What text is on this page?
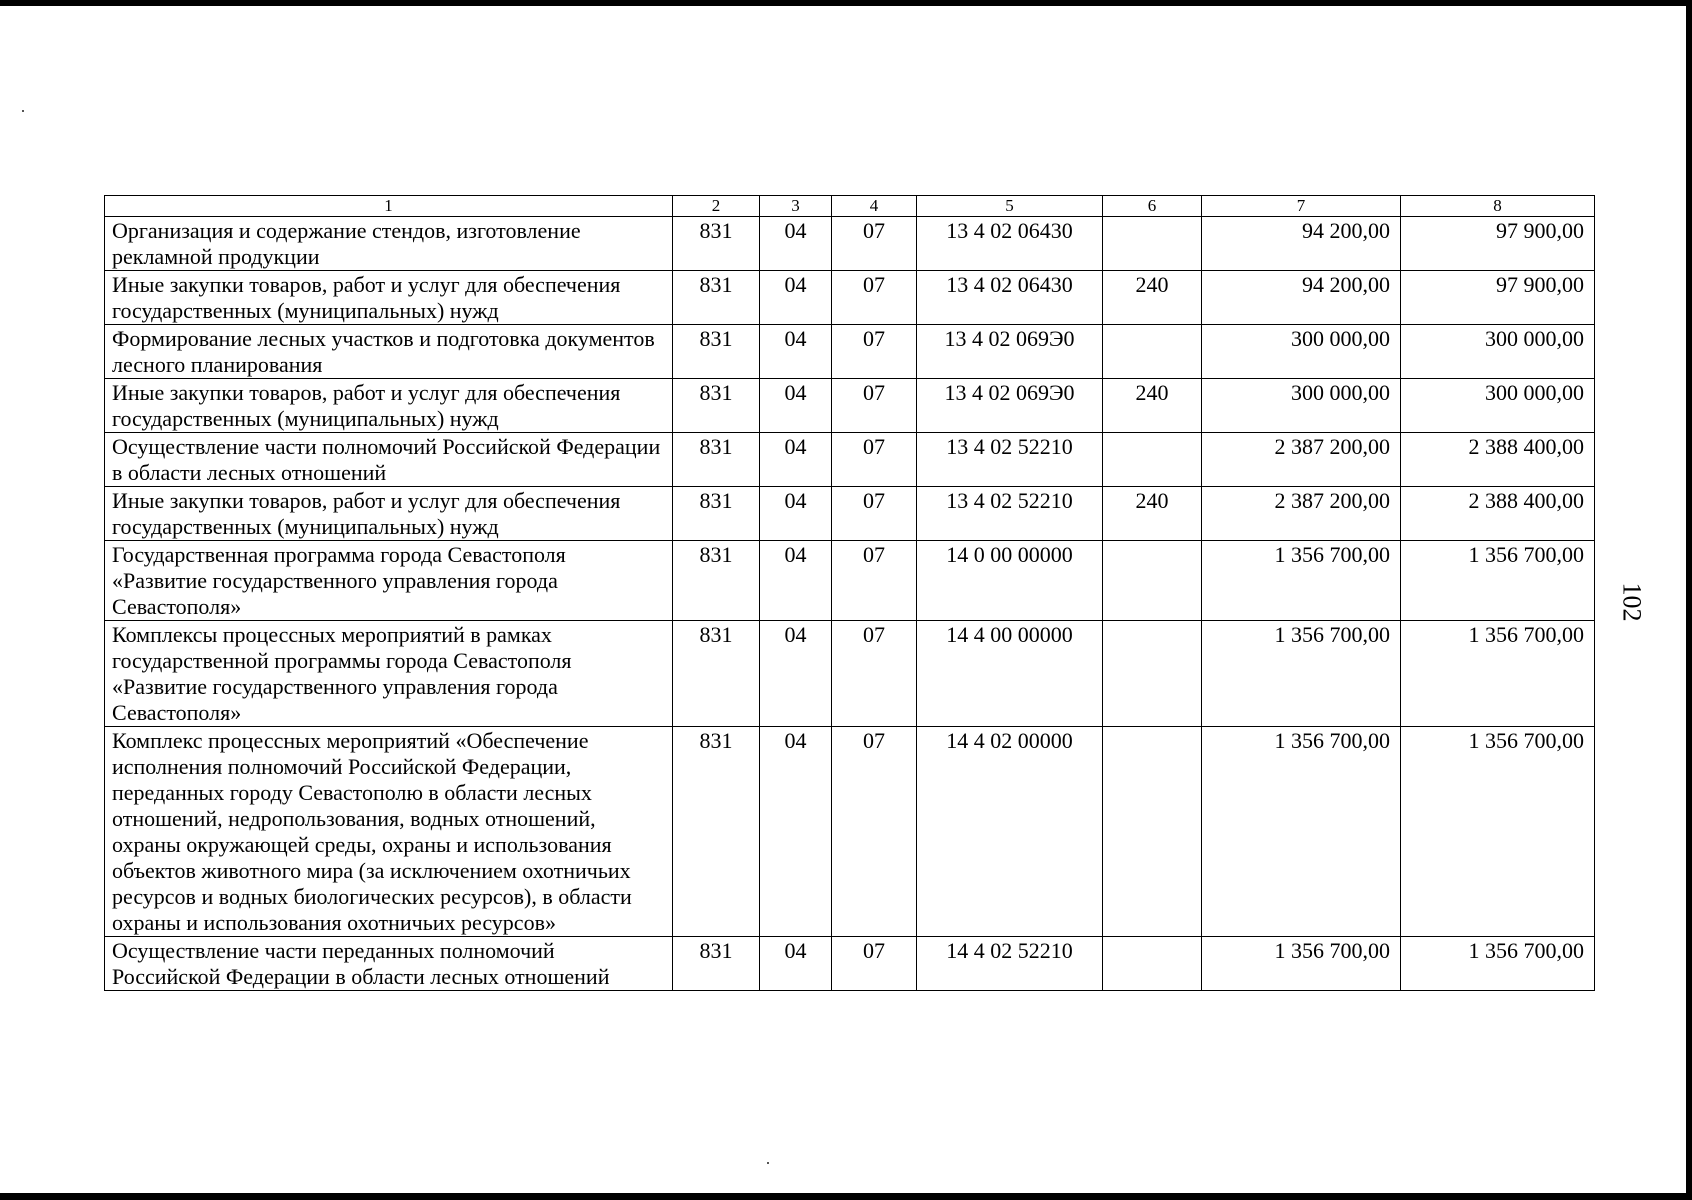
1	2	3	4	5	6	7	8
Организация и содержание стендов, изготовление рекламной продукции	831	04	07	13 4 02 06430		94 200,00	97 900,00
Иные закупки товаров, работ и услуг для обеспечения государственных (муниципальных) нужд	831	04	07	13 4 02 06430	240	94 200,00	97 900,00
Формирование лесных участков и подготовка документов лесного планирования	831	04	07	13 4 02 069Э0		300 000,00	300 000,00
Иные закупки товаров, работ и услуг для обеспечения государственных (муниципальных) нужд	831	04	07	13 4 02 069Э0	240	300 000,00	300 000,00
Осуществление части полномочий Российской Федерации в области лесных отношений	831	04	07	13 4 02 52210		2 387 200,00	2 388 400,00
Иные закупки товаров, работ и услуг для обеспечения государственных (муниципальных) нужд	831	04	07	13 4 02 52210	240	2 387 200,00	2 388 400,00
Государственная программа города Севастополя «Развитие государственного управления города Севастополя»	831	04	07	14 0 00 00000		1 356 700,00	1 356 700,00
Комплексы процессных мероприятий в рамках государственной программы города Севастополя «Развитие государственного управления города Севастополя»	831	04	07	14 4 00 00000		1 356 700,00	1 356 700,00
Комплекс процессных мероприятий «Обеспечение исполнения полномочий Российской Федерации, переданных городу Севастополю в области лесных отношений, недропользования, водных отношений, охраны окружающей среды, охраны и использования объектов животного мира (за исключением охотничьих ресурсов и водных биологических ресурсов), в области охраны и использования охотничьих ресурсов»	831	04	07	14 4 02 00000		1 356 700,00	1 356 700,00
Осуществление части переданных полномочий Российской Федерации в области лесных отношений	831	04	07	14 4 02 52210		1 356 700,00	1 356 700,00
102
